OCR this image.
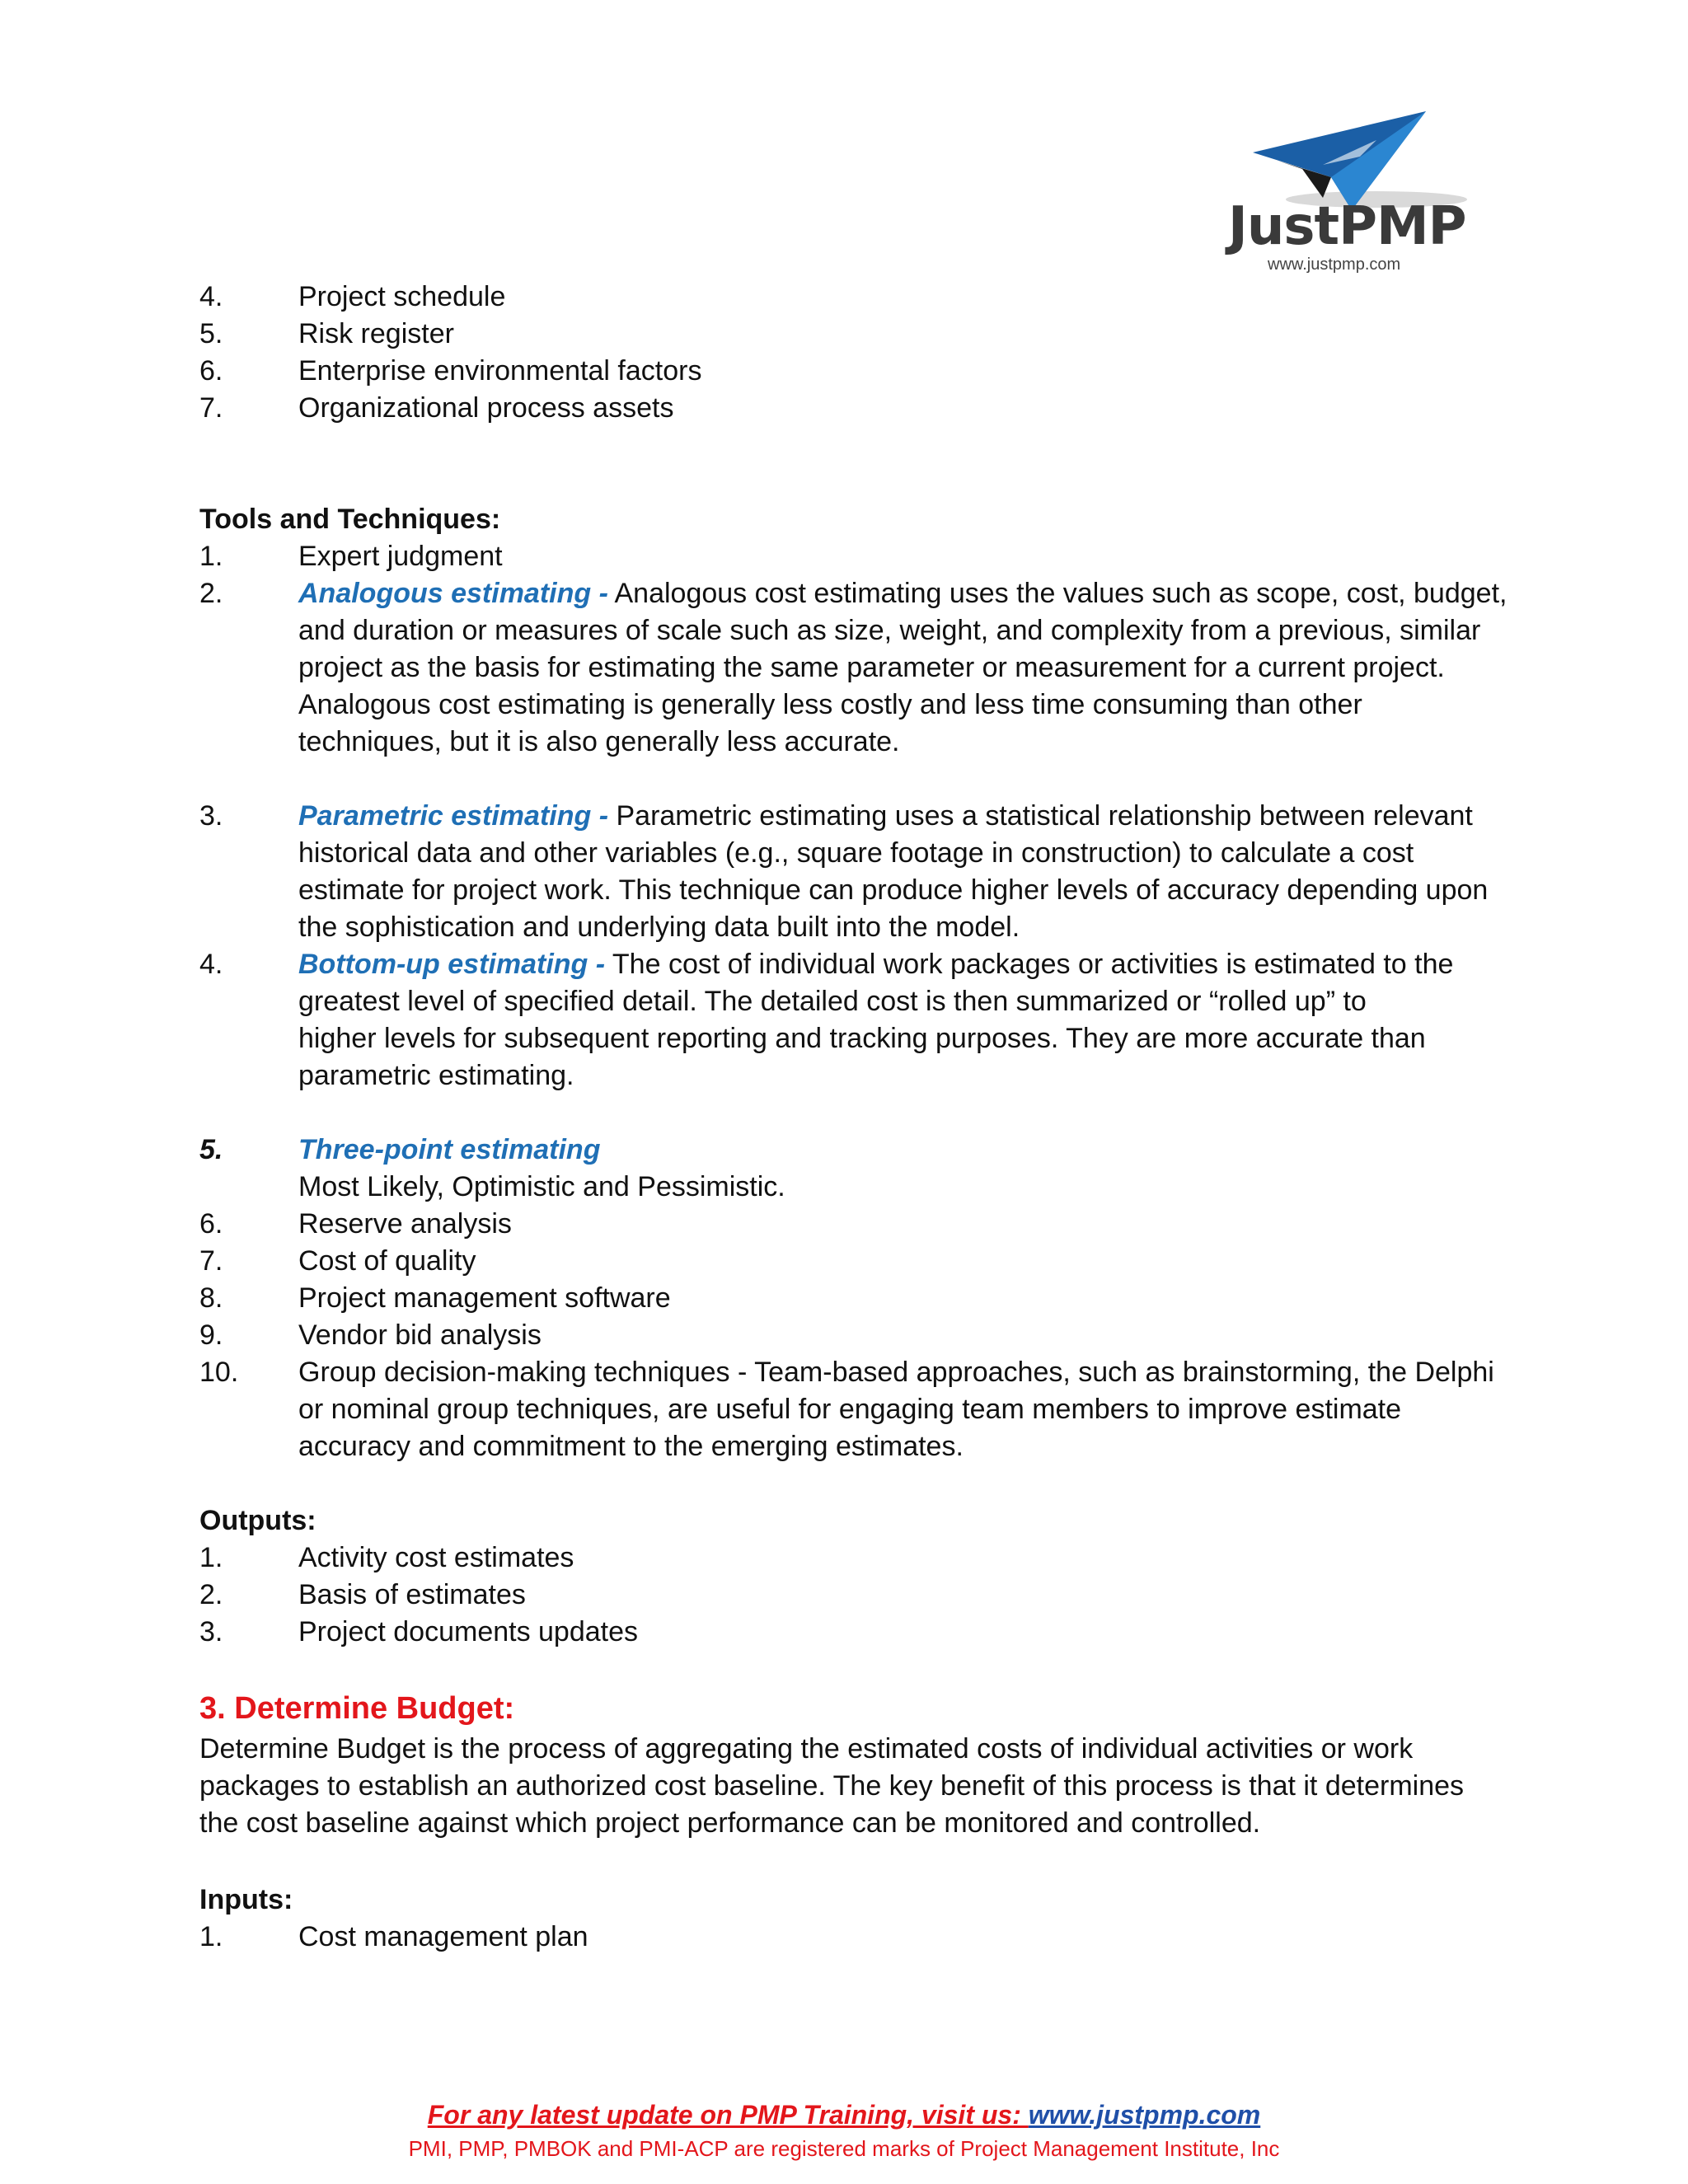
JustPMP
www.justpmp.com
4.	Project schedule
5.	Risk register
6.	Enterprise environmental factors
7.	Organizational process assets
Tools and Techniques:
1.	Expert judgment
2.	Analogous estimating - Analogous cost estimating uses the values such as scope, cost, budget,
and duration or measures of scale such as size, weight, and complexity from a previous, similar
project as the basis for estimating the same parameter or measurement for a current project.
Analogous cost estimating is generally less costly and less time consuming than other
techniques, but it is also generally less accurate.
3.	Parametric estimating - Parametric estimating uses a statistical relationship between relevant
historical data and other variables (e.g., square footage in construction) to calculate a cost
estimate for project work. This technique can produce higher levels of accuracy depending upon
the sophistication and underlying data built into the model.
4.	Bottom-up estimating - The cost of individual work packages or activities is estimated to the
greatest level of specified detail. The detailed cost is then summarized or “rolled up” to
higher levels for subsequent reporting and tracking purposes. They are more accurate than
parametric estimating.
5.	Three-point estimating
Most Likely, Optimistic and Pessimistic.
6.	Reserve analysis
7.	Cost of quality
8.	Project management software
9.	Vendor bid analysis
10.	Group decision-making techniques - Team-based approaches, such as brainstorming, the Delphi
or nominal group techniques, are useful for engaging team members to improve estimate
accuracy and commitment to the emerging estimates.
Outputs:
1.	Activity cost estimates
2.	Basis of estimates
3.	Project documents updates
3. Determine Budget:
Determine Budget is the process of aggregating the estimated costs of individual activities or work
packages to establish an authorized cost baseline. The key benefit of this process is that it determines
the cost baseline against which project performance can be monitored and controlled.
Inputs:
1.	Cost management plan
For any latest update on PMP Training, visit us: www.justpmp.com
PMI, PMP, PMBOK and PMI-ACP are registered marks of Project Management Institute, Inc
